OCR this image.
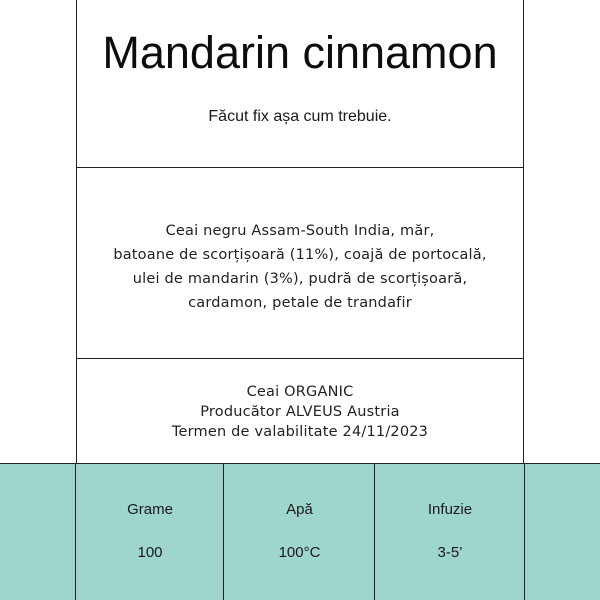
Mandarin cinnamon
Făcut fix așa cum trebuie.
Ceai negru Assam-South India, măr,
batoane de scorțișoară (11%), coajă de portocală,
ulei de mandarin (3%), pudră de scorțișoară,
cardamon, petale de trandafir
Ceai ORGANIC
Producător ALVEUS Austria
Termen de valabilitate 24/11/2023
Grame
100
Apă
100°C
Infuzie
3-5’
